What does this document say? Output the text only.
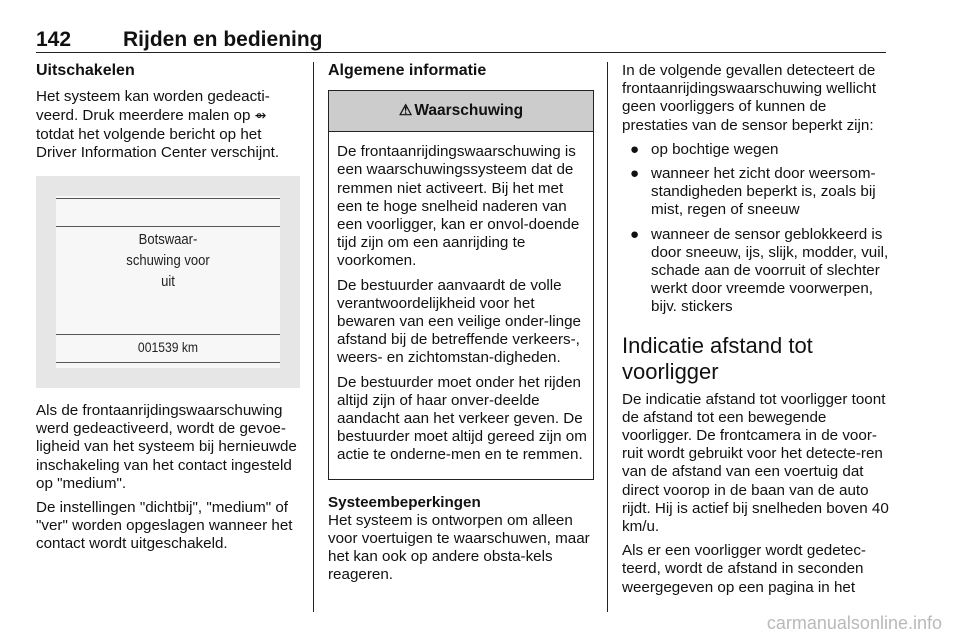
142 Rijden en bediening
Uitschakelen

Het systeem kan worden gedeacti-veerd. Druk meerdere malen op ⇴ totdat het volgende bericht op het Driver Information Center verschijnt.

Botswaar-
schuwing voor
uit
001539 km

Als de frontaanrijdingswaarschuwing werd gedeactiveerd, wordt de gevoe-ligheid van het systeem bij hernieuwde inschakeling van het contact ingesteld op "medium".

De instellingen "dichtbij", "medium" of "ver" worden opgeslagen wanneer het contact wordt uitgeschakeld.

Algemene informatie
⚠ Waarschuwing

De frontaanrijdingswaarschuwing is een waarschuwingssysteem dat de remmen niet activeert. Bij het met een te hoge snelheid naderen van een voorligger, kan er onvol-doende tijd zijn om een aanrijding te voorkomen.

De bestuurder aanvaardt de volle verantwoordelijkheid voor het bewaren van een veilige onder-linge afstand bij de betreffende verkeers-, weers- en zichtomstan-digheden.

De bestuurder moet onder het rijden altijd zijn of haar onver-deelde aandacht aan het verkeer geven. De bestuurder moet altijd gereed zijn om actie te onderne-men en te remmen.

Systeembeperkingen

Het systeem is ontworpen om alleen voor voertuigen te waarschuwen, maar het kan ook op andere obsta-kels reageren.

In de volgende gevallen detecteert de frontaanrijdingswaarschuwing wellicht geen voorliggers of kunnen de prestaties van de sensor beperkt zijn:

● op bochtige wegen
● wanneer het zicht door weersom-standigheden beperkt is, zoals bij mist, regen of sneeuw
● wanneer de sensor geblokkeerd is door sneeuw, ijs, slijk, modder, vuil, schade aan de voorruit of slechter werkt door vreemde voorwerpen, bijv. stickers
Indicatie afstand tot voorligger

De indicatie afstand tot voorligger toont de afstand tot een bewegende voorligger. De frontcamera in de voor-ruit wordt gebruikt voor het detecte-ren van de afstand van een voertuig dat direct voorop in de baan van de auto rijdt. Hij is actief bij snelheden boven 40 km/u.

Als er een voorligger wordt gedetec-teerd, wordt de afstand in seconden weergegeven op een pagina in het

carmanualsonline.info
